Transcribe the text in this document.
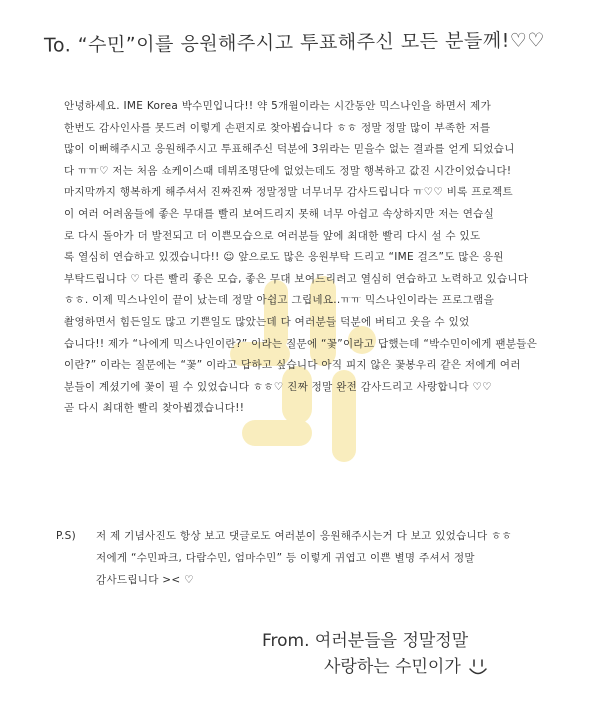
To. “수민”이를 응원해주시고 투표해주신 모든 분들께!♡♡
안녕하세요. IME Korea 박수민입니다!! 약 5개월이라는 시간동안 믹스나인을 하면서 제가
한번도 감사인사를 못드려 이렇게 손편지로 찾아뵙습니다 ㅎㅎ 정말 정말 많이 부족한 저를
많이 이뻐해주시고 응원해주시고 투표해주신 덕분에 3위라는 믿을수 없는 결과를 얻게 되었습니
다 ㅠㅠ♡ 저는 처음 쇼케이스때 데뷔조명단에 없었는데도 정말 행복하고 값진 시간이었습니다!
마지막까지 행복하게 해주셔서 진짜진짜 정말정말 너무너무 감사드립니다 ㅠ♡♡ 비록 프로젝트
이 여러 어려움들에 좋은 무대를 빨리 보여드리지 못해 너무 아쉽고 속상하지만 저는 연습실
로 다시 돌아가 더 발전되고 더 이쁜모습으로 여러분들 앞에 최대한 빨리 다시 설 수 있도
록 열심히 연습하고 있겠습니다!! ☺ 앞으로도 많은 응원부탁 드리고 “IME 걸즈”도 많은 응원
부탁드립니다 ♡ 다른 빨리 좋은 모습, 좋은 무대 보여드리려고 열심히 연습하고 노력하고 있습니다
ㅎㅎ. 이제 믹스나인이 끝이 났는데 정말 아쉽고 그립네요..ㅠㅠ 믹스나인이라는 프로그램을
촬영하면서 힘든일도 많고 기쁜일도 많았는데 다 여러분들 덕분에 버티고 웃을 수 있었
습니다!! 제가 “나에게 믹스나인이란?” 이라는 질문에 “꽃”이라고 답했는데 “박수민이에게 팬분들은
이란?” 이라는 질문에는 “꽃” 이라고 답하고 싶습니다 아직 피지 않은 꽃봉우리 같은 저에게 여러
분들이 계셨기에 꽃이 필 수 있었습니다 ㅎㅎ♡ 진짜 정말 완전 감사드리고 사랑합니다 ♡♡
곧 다시 최대한 빨리 찾아뵙겠습니다!!
P.S) 저 제 기념사진도 항상 보고 댓글로도 여러분이 응원해주시는거 다 보고 있었습니다 ㅎㅎ
저에게 “수민파크, 다람수민, 엄마수민” 등 이렇게 귀엽고 이쁜 별명 주셔서 정말
감사드립니다 >< ♡
From. 여러분들을 정말정말
사랑하는 수민이가
